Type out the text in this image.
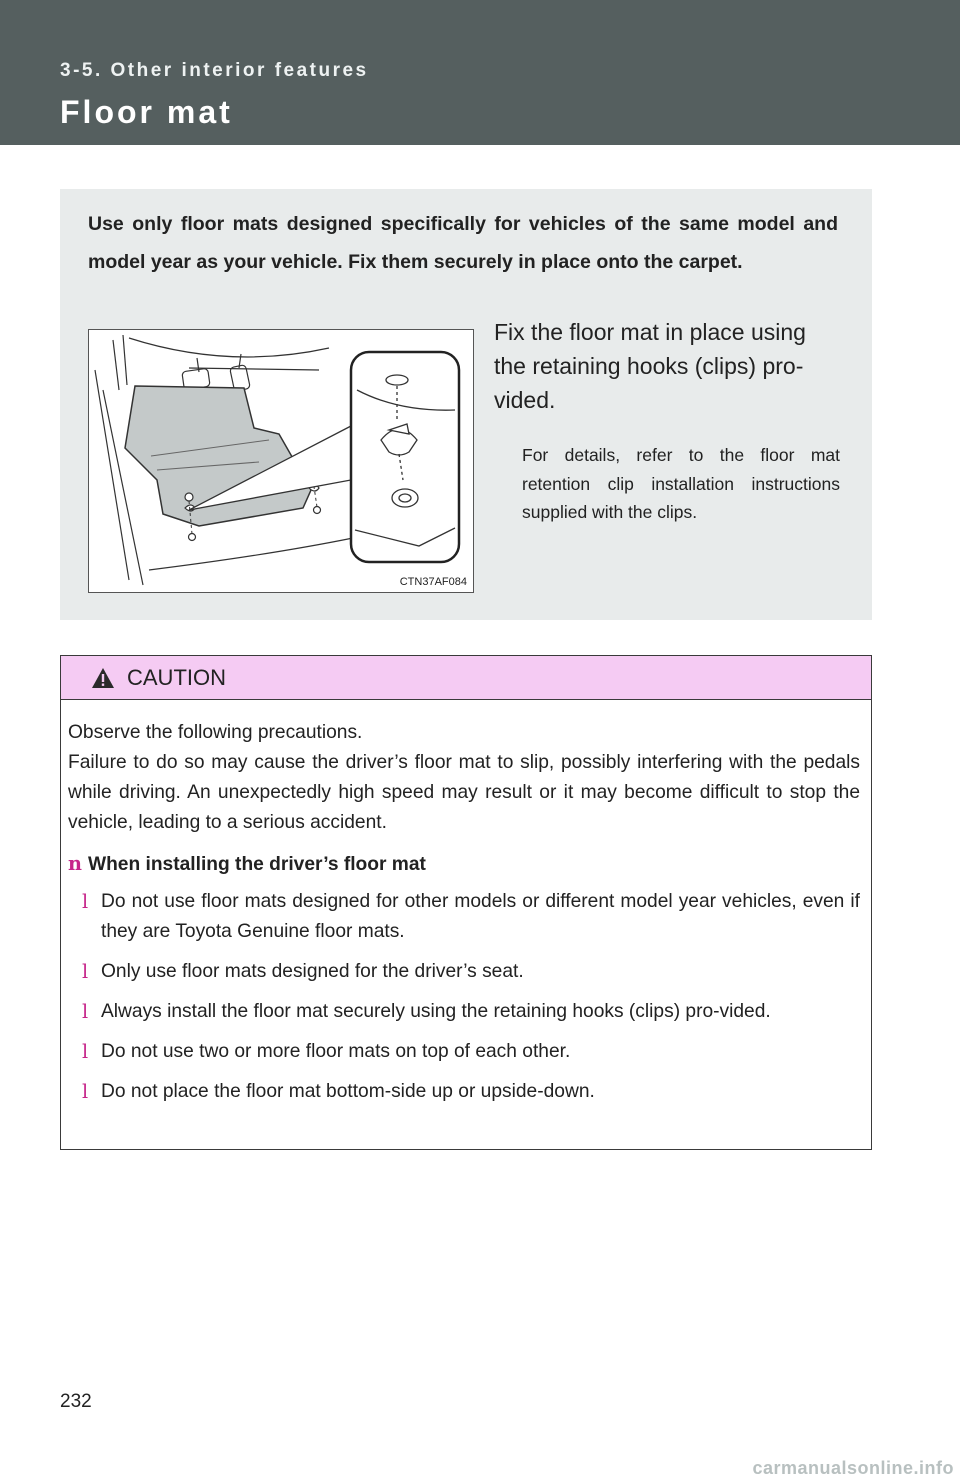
3-5. Other interior features
Floor mat

Use only floor mats designed specifically for vehicles of the same model and model year as your vehicle. Fix them securely in place onto the carpet.

CTN37AF084

Fix the floor mat in place using the retaining hooks (clips) pro-vided.

For details, refer to the floor mat retention clip installation instructions supplied with the clips.

CAUTION

Observe the following precautions.

Failure to do so may cause the driver’s floor mat to slip, possibly interfering with the pedals while driving. An unexpectedly high speed may result or it may become difficult to stop the vehicle, leading to a serious accident.

n When installing the driver’s floor mat

l Do not use floor mats designed for other models or different model year vehicles, even if they are Toyota Genuine floor mats.
l Only use floor mats designed for the driver’s seat.
l Always install the floor mat securely using the retaining hooks (clips) pro-vided.
l Do not use two or more floor mats on top of each other.
l Do not place the floor mat bottom-side up or upside-down.
232
carmanualsonline.info
